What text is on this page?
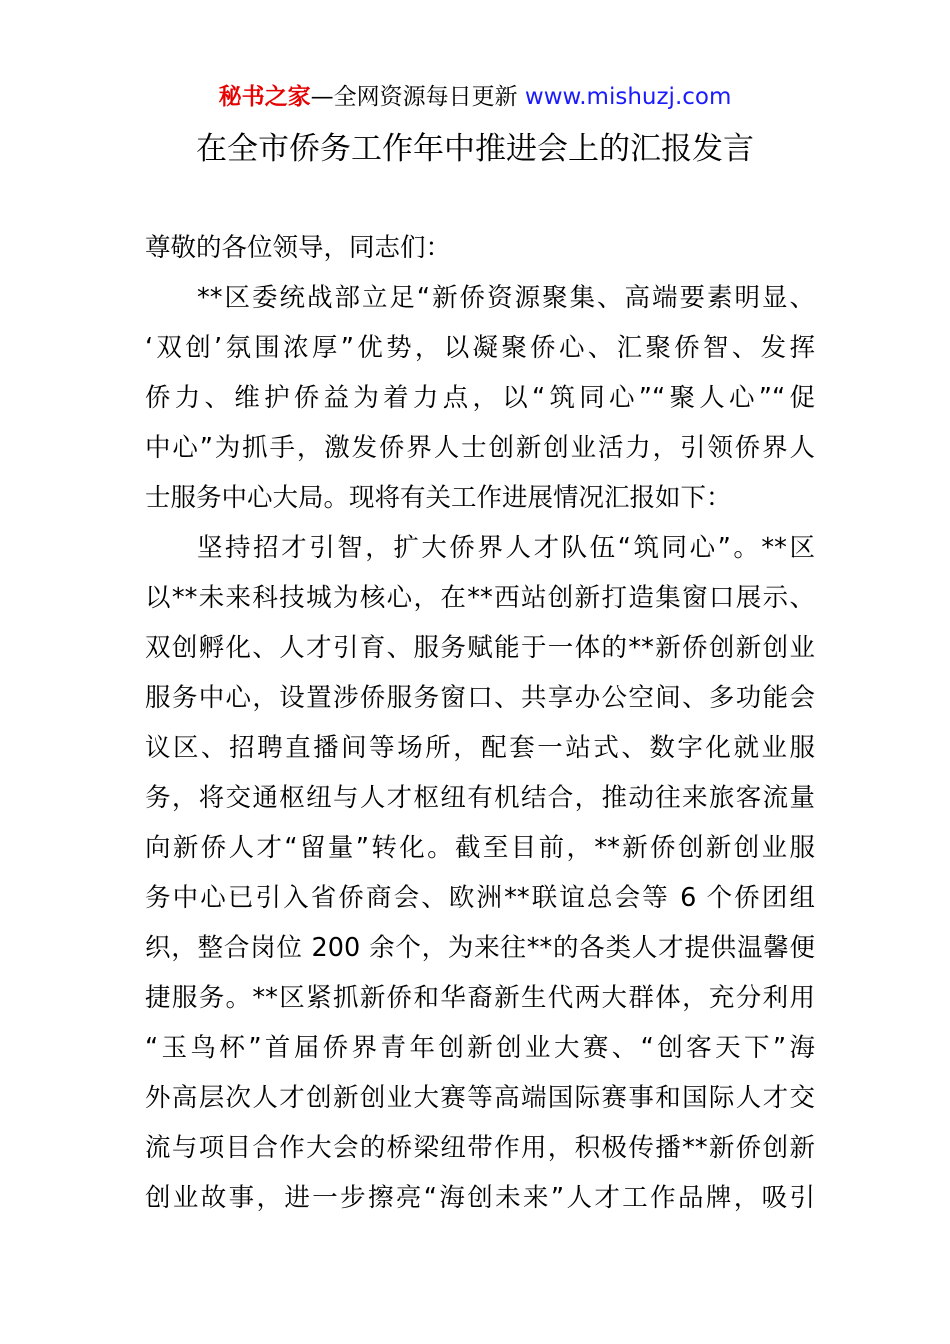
秘书之家—全网资源每日更新 www.mishuzj.com
在全市侨务工作年中推进会上的汇报发言
尊敬的各位领导，同志们：
**区委统战部立足“新侨资源聚集、高端要素明显、
‘双创’氛围浓厚”优势，以凝聚侨心、汇聚侨智、发挥
侨力、维护侨益为着力点，以“筑同心”“聚人心”“促
中心”为抓手，激发侨界人士创新创业活力，引领侨界人
士服务中心大局。现将有关工作进展情况汇报如下：
坚持招才引智，扩大侨界人才队伍“筑同心”。**区
以**未来科技城为核心，在**西站创新打造集窗口展示、
双创孵化、人才引育、服务赋能于一体的**新侨创新创业
服务中心，设置涉侨服务窗口、共享办公空间、多功能会
议区、招聘直播间等场所，配套一站式、数字化就业服
务，将交通枢纽与人才枢纽有机结合，推动往来旅客流量
向新侨人才“留量”转化。截至目前，**新侨创新创业服
务中心已引入省侨商会、欧洲**联谊总会等 6 个侨团组
织，整合岗位 200 余个，为来往**的各类人才提供温馨便
捷服务。**区紧抓新侨和华裔新生代两大群体，充分利用
“玉鸟杯”首届侨界青年创新创业大赛、“创客天下”海
外高层次人才创新创业大赛等高端国际赛事和国际人才交
流与项目合作大会的桥梁纽带作用，积极传播**新侨创新
创业故事，进一步擦亮“海创未来”人才工作品牌，吸引
